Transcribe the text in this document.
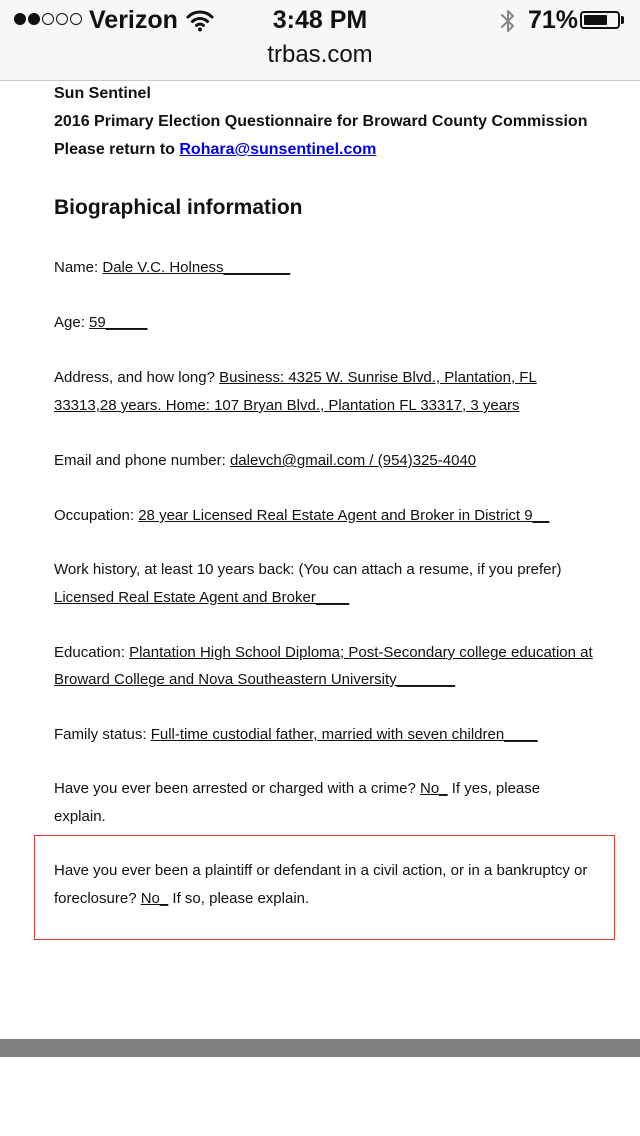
Verizon	3:48 PM	71%
trbas.com
Sun Sentinel
2016 Primary Election Questionnaire for Broward County Commission
Please return to Rohara@sunsentinel.com
Biographical information
Name: Dale V.C. Holness________
Age: 59_____
Address, and how long? Business: 4325 W. Sunrise Blvd., Plantation, FL
33313,28 years. Home: 107 Bryan Blvd., Plantation FL 33317, 3 years
Email and phone number: dalevch@gmail.com / (954)325-4040
Occupation: 28 year Licensed Real Estate Agent and Broker in District 9__
Work history, at least 10 years back: (You can attach a resume, if you prefer)
Licensed Real Estate Agent and Broker____
Education: Plantation High School Diploma; Post-Secondary college education at
Broward College and Nova Southeastern University_______
Family status: Full-time custodial father, married with seven children____
Have you ever been arrested or charged with a crime? No_ If yes, please
explain.
Have you ever been a plaintiff or defendant in a civil action, or in a bankruptcy or
foreclosure? No_ If so, please explain.
